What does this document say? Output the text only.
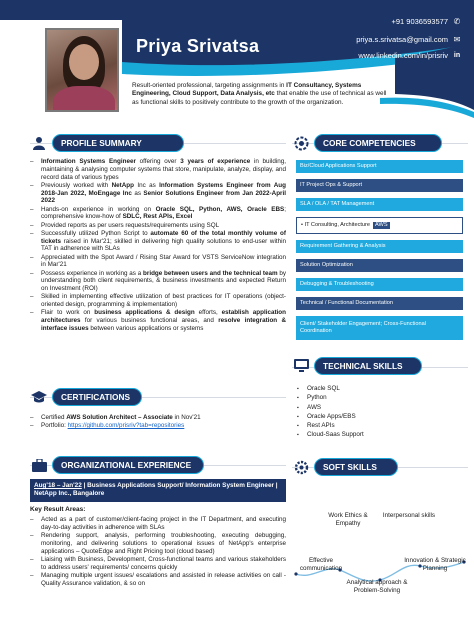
Priya Srivatsa
+91 9036593577 ✆
priya.s.srivatsa@gmail.com ✉
www.linkedin.com/in/prisriv in
Result-oriented professional, targeting assignments in IT Consultancy, Systems Engineering, Cloud Support, Data Analysis, etc that enable the use of technical as well as functional skills to positively contribute to the growth of the organization.
PROFILE SUMMARY
– Information Systems Engineer offering over 3 years of experience in building, maintaining & analysing computer systems that store, manipulate, analyze, display, and record data of various types
– Previously worked with NetApp Inc as Information Systems Engineer from Aug 2018-Jan 2022, MoEngage Inc as Senior Solutions Engineer from Jan 2022-April 2022
– Hands-on experience in working on Oracle SQL, Python, AWS, Oracle EBS; comprehensive know-how of SDLC, Rest APIs, Excel
– Provided reports as per users requests/requirements using SQL
– Successfully utilized Python Script to automate 60 of the total monthly volume of tickets raised in Mar'21; skilled in delivering high quality solutions to end-user within TAT in adherence with SLAs
– Appreciated with the Spot Award / Rising Star Award for VSTS ServiceNow integration in Mar'21
– Possess experience in working as a bridge between users and the technical team by understanding both client requirements, & business investments and expected Return on Investment (ROI)
– Skilled in implementing effective utilization of best practices for IT operations (object-oriented design, programming & implementation)
– Flair to work on business applications & design efforts, establish application architectures for various business functional areas, and resolve integration & interface issues between various applications or systems
CERTIFICATIONS
– Certified AWS Solution Architect – Associate in Nov'21
– Portfolio: https://github.com/prisriv?tab=repositories
ORGANIZATIONAL EXPERIENCE
Aug'18 – Jan'22 | Business Applications Support/ Information System Engineer | NetApp Inc., Bangalore
Key Result Areas:
– Acted as a part of customer/client-facing project in the IT Department, and executing day-to-day activities in adherence with SLAs
– Rendering support, analysis, performing troubleshooting, executing debugging, monitoring, and delivering solutions to operational issues of NetApp's enterprise applications – QuoteEdge and Right Pricing tool (cloud based)
– Liaising with Business, Development, Cross-functional teams and various stakeholders to address users' requirements/ concerns quickly
– Managing multiple urgent issues/ escalations and assisted in release activities on call -Quality Assurance validation, & so on
CORE COMPETENCIES
Biz/Cloud Applications Support
IT Project Ops & Support
SLA / OLA / TAT Management
• IT Consulting, Architecture AWS
Requirement Gathering & Analysis
Solution Optimization
Debugging & Troubleshooting
Technical / Functional Documentation
Client/ Stakeholder Engagement; Cross-Functional Coordination
TECHNICAL SKILLS
▪ Oracle SQL
▪ Python
▪ AWS
▪ Oracle Apps/EBS
▪ Rest APIs
▪ Cloud-Saas Support
SOFT SKILLS
Work Ethics & Empathy
Interpersonal skills
Effective communication
Innovation & Strategic Planning
Analytical approach & Problem-Solving
